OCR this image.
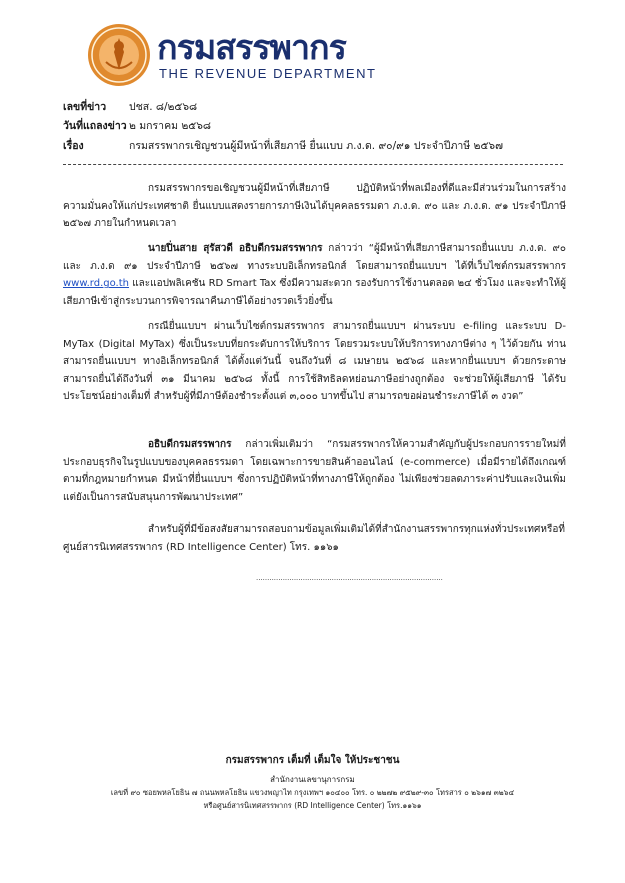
กรมสรรพากร
THE REVENUE DEPARTMENT
เลขที่ข่าว ปชส. ๘/๒๕๖๘
วันที่แถลงข่าว ๒ มกราคม ๒๕๖๘
เรื่อง	กรมสรรพากรเชิญชวนผู้มีหน้าที่เสียภาษี ยื่นแบบ ภ.ง.ด. ๙๐/๙๑ ประจำปีภาษี ๒๕๖๗

กรมสรรพากรขอเชิญชวนผู้มีหน้าที่เสียภาษี ปฏิบัติหน้าที่พลเมืองที่ดีและมีส่วนร่วมในการสร้างความมั่นคงให้แก่ประเทศชาติ ยื่นแบบแสดงรายการภาษีเงินได้บุคคลธรรมดา ภ.ง.ด. ๙๐ และ ภ.ง.ด. ๙๑ ประจำปีภาษี ๒๕๖๗ ภายในกำหนดเวลา

นายปิ่นสาย สุรัสวดี อธิบดีกรมสรรพากร กล่าวว่า “ผู้มีหน้าที่เสียภาษีสามารถยื่นแบบ ภ.ง.ด. ๙๐ และ ภ.ง.ด ๙๑ ประจำปีภาษี ๒๕๖๗ ทางระบบอิเล็กทรอนิกส์ โดยสามารถยื่นแบบฯ ได้ที่เว็บไซต์กรมสรรพากร www.rd.go.th และแอปพลิเคชัน RD Smart Tax ซึ่งมีความสะดวก รองรับการใช้งานตลอด ๒๔ ชั่วโมง และจะทำให้ผู้เสียภาษีเข้าสู่กระบวนการพิจารณาคืนภาษีได้อย่างรวดเร็วยิ่งขึ้น

กรณียื่นแบบฯ ผ่านเว็บไซต์กรมสรรพากร สามารถยื่นแบบฯ ผ่านระบบ e-filing และระบบ D-MyTax (Digital MyTax) ซึ่งเป็นระบบที่ยกระดับการให้บริการ โดยรวมระบบให้บริการทางภาษีต่าง ๆ ไว้ด้วยกัน ท่านสามารถยื่นแบบฯ ทางอิเล็กทรอนิกส์ ได้ตั้งแต่วันนี้ จนถึงวันที่ ๘ เมษายน ๒๕๖๘ และหากยื่นแบบฯ ด้วยกระดาษ สามารถยื่นได้ถึงวันที่ ๓๑ มีนาคม ๒๕๖๘ ทั้งนี้ การใช้สิทธิลดหย่อนภาษีอย่างถูกต้อง จะช่วยให้ผู้เสียภาษี ได้รับประโยชน์อย่างเต็มที่ สำหรับผู้ที่มีภาษีต้องชำระตั้งแต่ ๓,๐๐๐ บาทขึ้นไป สามารถขอผ่อนชำระภาษีได้ ๓ งวด”

อธิบดีกรมสรรพากร กล่าวเพิ่มเติมว่า “กรมสรรพากรให้ความสำคัญกับผู้ประกอบการรายใหม่ที่ประกอบธุรกิจในรูปแบบของบุคคลธรรมดา โดยเฉพาะการขายสินค้าออนไลน์ (e-commerce) เมื่อมีรายได้ถึงเกณฑ์ตามที่กฎหมายกำหนด มีหน้าที่ยื่นแบบฯ ซึ่งการปฏิบัติหน้าที่ทางภาษีให้ถูกต้อง ไม่เพียงช่วยลดภาระค่าปรับและเงินเพิ่ม แต่ยังเป็นการสนับสนุนการพัฒนาประเทศ”

สำหรับผู้ที่มีข้อสงสัยสามารถสอบถามข้อมูลเพิ่มเติมได้ที่สำนักงานสรรพากรทุกแห่งทั่วประเทศหรือที่ศูนย์สารนิเทศสรรพากร (RD Intelligence Center) โทร. ๑๑๖๑

....................................................................................
กรมสรรพากร เต็มที่ เต็มใจ ให้ประชาชน
สำนักงานเลขานุการกรม
เลขที่ ๙๐ ซอยพหลโยธิน ๗ ถนนพหลโยธิน แขวงพญาไท กรุงเทพฯ ๑๐๔๐๐ โทร. ๐ ๒๒๗๒ ๙๕๒๙-๓๐ โทรสาร ๐ ๒๖๑๗ ๓๒๖๔
หรือศูนย์สารนิเทศสรรพากร (RD Intelligence Center) โทร.๑๑๖๑
